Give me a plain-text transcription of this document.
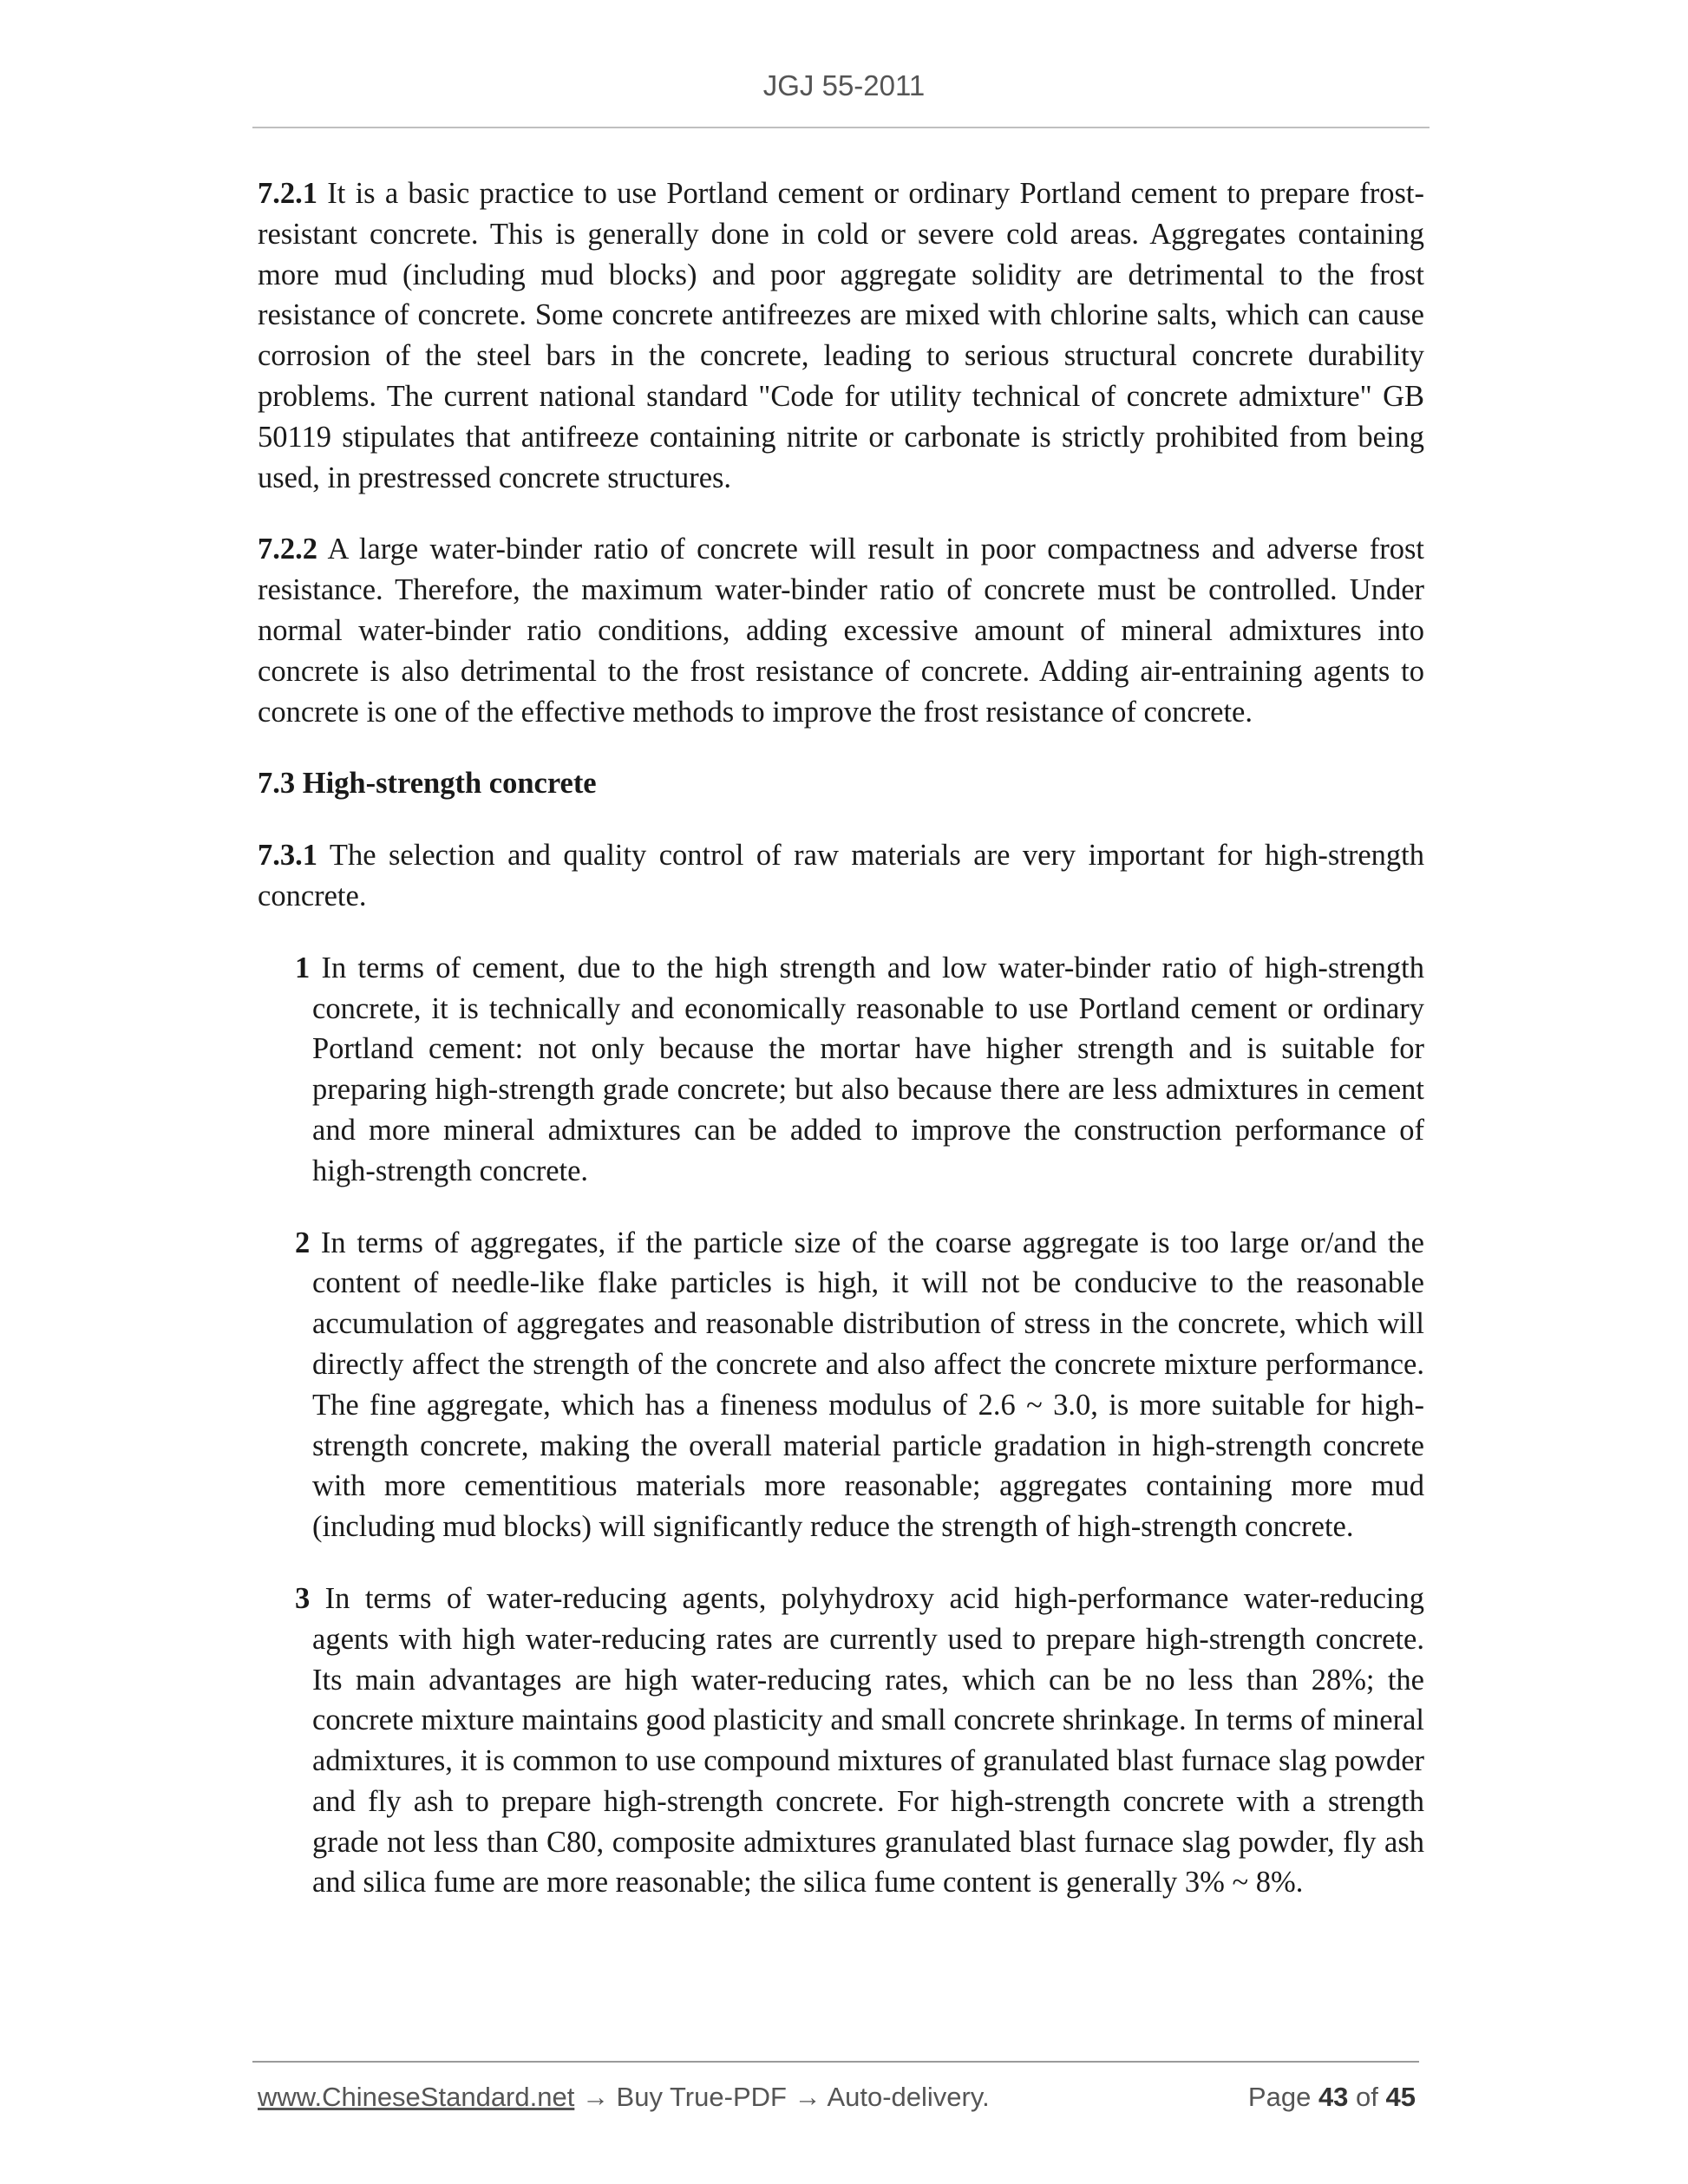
JGJ 55-2011

7.2.1 It is a basic practice to use Portland cement or ordinary Portland cement to prepare frost-resistant concrete. This is generally done in cold or severe cold areas. Aggregates containing more mud (including mud blocks) and poor aggregate solidity are detrimental to the frost resistance of concrete. Some concrete antifreezes are mixed with chlorine salts, which can cause corrosion of the steel bars in the concrete, leading to serious structural concrete durability problems. The current national standard "Code for utility technical of concrete admixture" GB 50119 stipulates that antifreeze containing nitrite or carbonate is strictly prohibited from being used, in prestressed concrete structures.

7.2.2 A large water-binder ratio of concrete will result in poor compactness and adverse frost resistance. Therefore, the maximum water-binder ratio of concrete must be controlled. Under normal water-binder ratio conditions, adding excessive amount of mineral admixtures into concrete is also detrimental to the frost resistance of concrete. Adding air-entraining agents to concrete is one of the effective methods to improve the frost resistance of concrete.

7.3 High-strength concrete

7.3.1 The selection and quality control of raw materials are very important for high-strength concrete.

1 In terms of cement, due to the high strength and low water-binder ratio of high-strength concrete, it is technically and economically reasonable to use Portland cement or ordinary Portland cement: not only because the mortar have higher strength and is suitable for preparing high-strength grade concrete; but also because there are less admixtures in cement and more mineral admixtures can be added to improve the construction performance of high-strength concrete.

2 In terms of aggregates, if the particle size of the coarse aggregate is too large or/and the content of needle-like flake particles is high, it will not be conducive to the reasonable accumulation of aggregates and reasonable distribution of stress in the concrete, which will directly affect the strength of the concrete and also affect the concrete mixture performance. The fine aggregate, which has a fineness modulus of 2.6 ~ 3.0, is more suitable for high-strength concrete, making the overall material particle gradation in high-strength concrete with more cementitious materials more reasonable; aggregates containing more mud (including mud blocks) will significantly reduce the strength of high-strength concrete.

3 In terms of water-reducing agents, polyhydroxy acid high-performance water-reducing agents with high water-reducing rates are currently used to prepare high-strength concrete. Its main advantages are high water-reducing rates, which can be no less than 28%; the concrete mixture maintains good plasticity and small concrete shrinkage. In terms of mineral admixtures, it is common to use compound mixtures of granulated blast furnace slag powder and fly ash to prepare high-strength concrete. For high-strength concrete with a strength grade not less than C80, composite admixtures granulated blast furnace slag powder, fly ash and silica fume are more reasonable; the silica fume content is generally 3% ~ 8%.

www.ChineseStandard.net → Buy True-PDF → Auto-delivery.	Page 43 of 45
